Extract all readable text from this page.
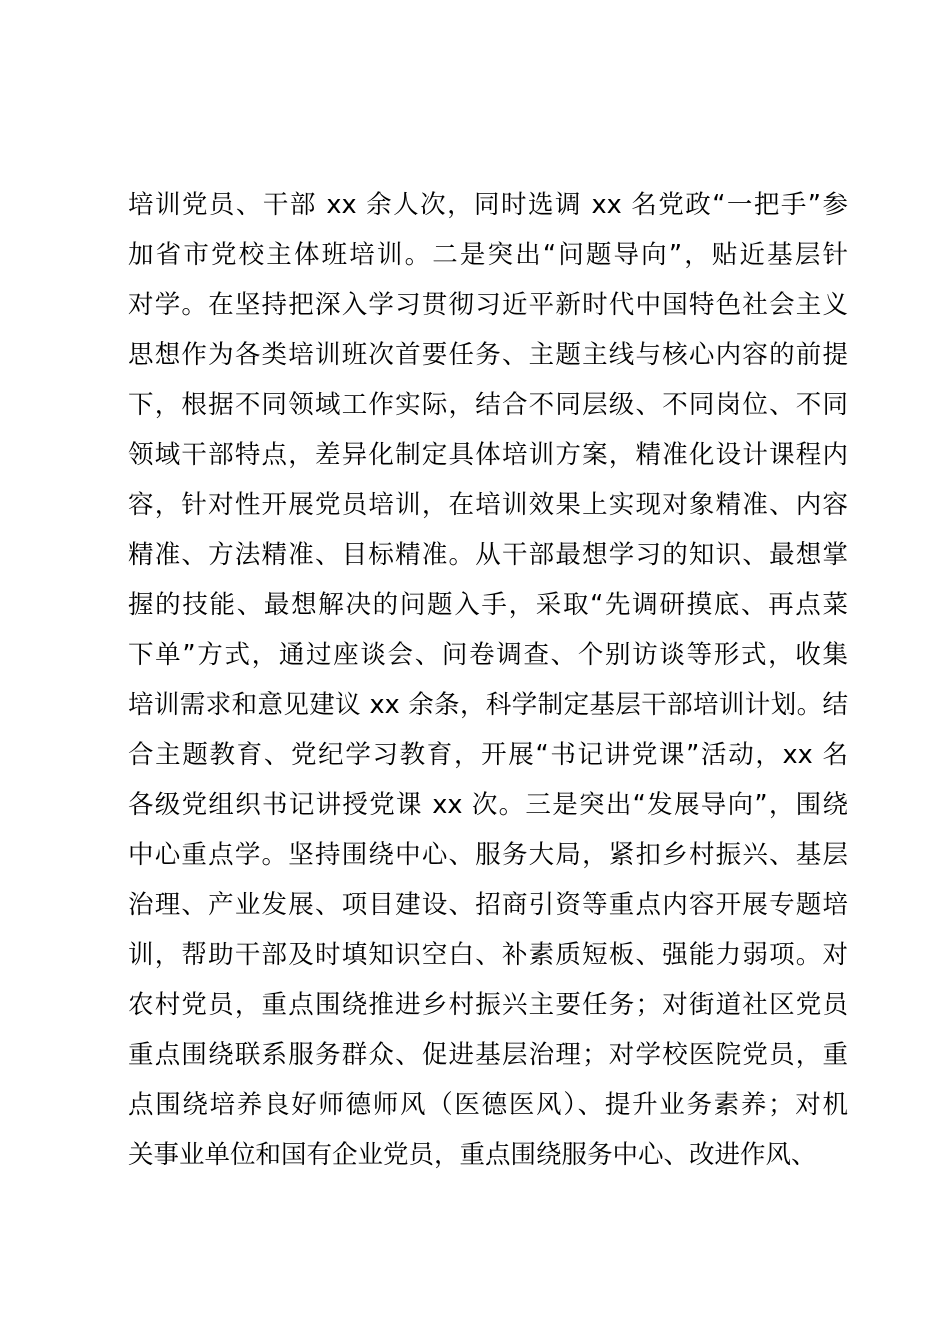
培训党员、干部 xx 余人次，同时选调 xx 名党政“一把手”参
加省市党校主体班培训。二是突出“问题导向”，贴近基层针
对学。在坚持把深入学习贯彻习近平新时代中国特色社会主义
思想作为各类培训班次首要任务、主题主线与核心内容的前提
下，根据不同领域工作实际，结合不同层级、不同岗位、不同
领域干部特点，差异化制定具体培训方案，精准化设计课程内
容，针对性开展党员培训，在培训效果上实现对象精准、内容
精准、方法精准、目标精准。从干部最想学习的知识、最想掌
握的技能、最想解决的问题入手，采取“先调研摸底、再点菜
下单”方式，通过座谈会、问卷调查、个别访谈等形式，收集
培训需求和意见建议 xx 余条，科学制定基层干部培训计划。结
合主题教育、党纪学习教育，开展“书记讲党课”活动，xx 名
各级党组织书记讲授党课 xx 次。三是突出“发展导向”，围绕
中心重点学。坚持围绕中心、服务大局，紧扣乡村振兴、基层
治理、产业发展、项目建设、招商引资等重点内容开展专题培
训，帮助干部及时填知识空白、补素质短板、强能力弱项。对
农村党员，重点围绕推进乡村振兴主要任务；对街道社区党员
重点围绕联系服务群众、促进基层治理；对学校医院党员，重
点围绕培养良好师德师风（医德医风）、提升业务素养；对机
关事业单位和国有企业党员，重点围绕服务中心、改进作风、
